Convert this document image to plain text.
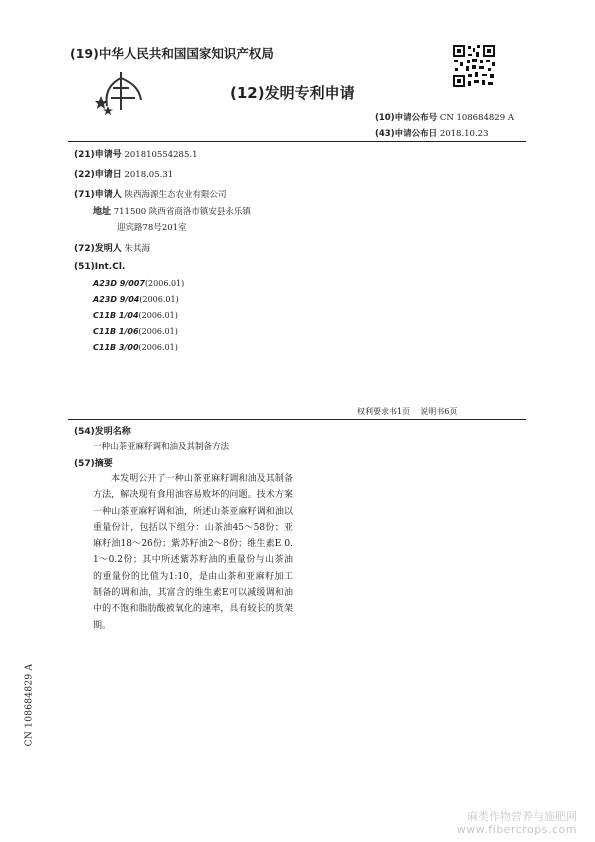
(19)中华人民共和国国家知识产权局
(12)发明专利申请
(10)申请公布号 CN 108684829 A
(43)申请公布日 2018.10.23
(21)申请号 201810554285.1
(22)申请日 2018.05.31
(71)申请人 陕西海源生态农业有限公司
地址 711500 陕西省商洛市镇安县永乐镇
迎宾路78号201室
(72)发明人 朱其海
(51)Int.Cl.
A23D 9/007(2006.01)
A23D 9/04(2006.01)
C11B 1/04(2006.01)
C11B 1/06(2006.01)
C11B 3/00(2006.01)
权利要求书1页    说明书6页
(54)发明名称
一种山茶亚麻籽调和油及其制备方法
(57)摘要
本发明公开了一种山茶亚麻籽调和油及其制备方法，解决现有食用油容易败坏的问题。技术方案一种山茶亚麻籽调和油，所述山茶亚麻籽调和油以重量份计，包括以下组分：山茶油45～58份；亚麻籽油18～26份；紫苏籽油2～8份；维生素E 0.1～0.2份；其中所述紫苏籽油的重量份与山茶油的重量份的比值为1:10，是由山茶和亚麻籽加工制备的调和油，其富含的维生素E可以减缓调和油中的不饱和脂肪酸被氧化的速率，具有较长的货架期。
CN 108684829 A
麻类作物营养与施肥网
www.fibercrops.com
